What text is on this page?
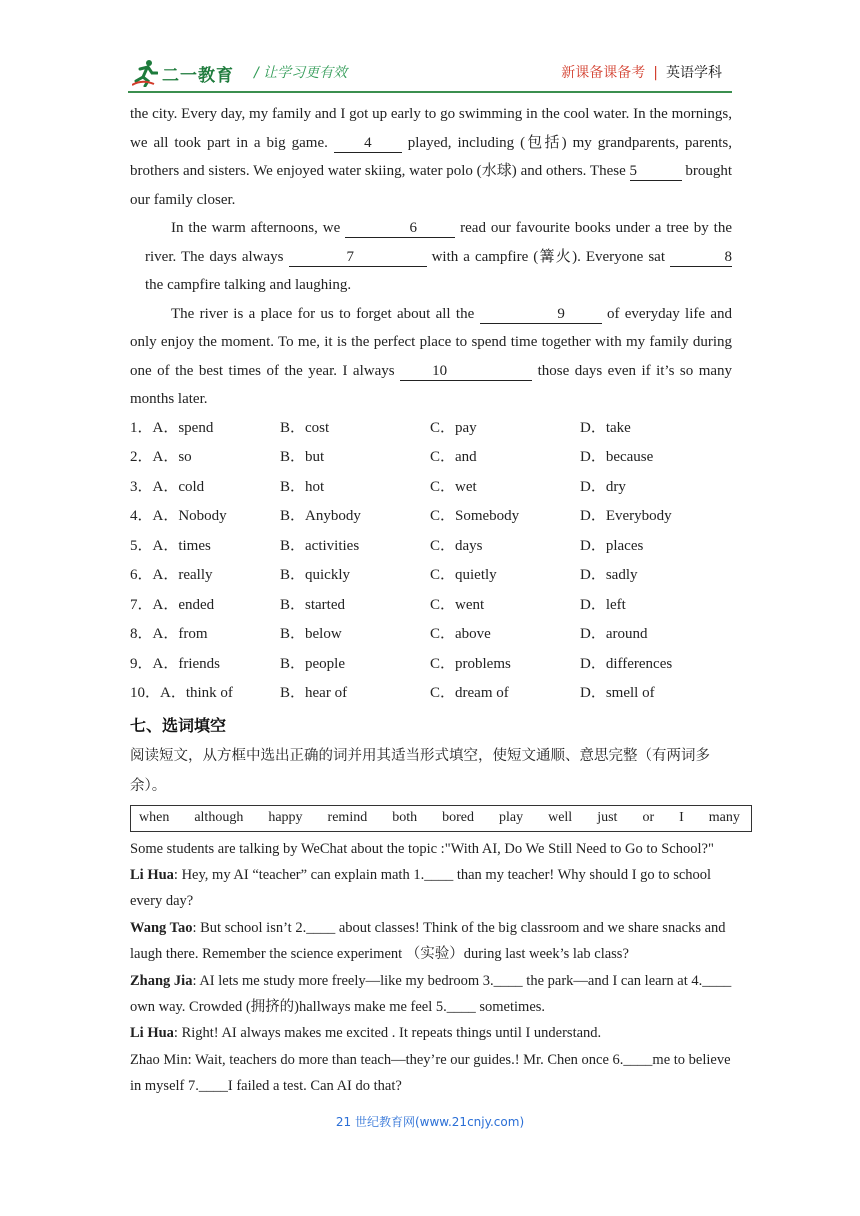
二一教育 / 让学习更有效	新课备课备考 | 英语学科

the city. Every day, my family and I got up early to go swimming in the cool water. In the mornings, we all took part in a big game. 4 played, including (包括) my grandparents, parents, brothers and sisters. We enjoyed water skiing, water polo (水球) and others. These 5	brought our family closer.

In the warm afternoons, we	6	read our favourite books under a tree by the river. The days always	7	with a campfire (篝火). Everyone sat	8 the campfire talking and laughing.

The river is a place for us to forget about all the	9	of everyday life and only enjoy the moment. To me, it is the perfect place to spend time together with my family during one of the best times of the year. I always 10	those days even if it’s so many months later.

1．A．spend	B．cost	C．pay	D．take
2．A．so	B．but	C．and	D．because
3．A．cold	B．hot	C．wet	D．dry
4．A．Nobody	B．Anybody	C．Somebody	D．Everybody
5．A．times	B．activities	C．days	D．places
6．A．really	B．quickly	C．quietly	D．sadly
7．A．ended	B．started	C．went	D．left
8．A．from	B．below	C．above	D．around
9．A．friends	B．people	C．problems	D．differences
10．A．think of	B．hear of	C．dream of	D．smell of
七、选词填空

阅读短文，从方框中选出正确的词并用其适当形式填空，使短文通顺、意思完整（有两词多余）。

when although happy remind both bored play well just or I many

Some students are talking by WeChat about the topic :"With AI, Do We Still Need to Go to School?"

Li Hua: Hey, my AI “teacher” can explain math 1.____ than my teacher! Why should I go to school every day?

Wang Tao: But school isn’t 2.____ about classes! Think of the big classroom and we share snacks and laugh there. Remember the science experiment （实验）during last week’s lab class?

Zhang Jia: AI lets me study more freely—like my bedroom 3.____ the park—and I can learn at 4.____ own way. Crowded (拥挤的)hallways make me feel 5.____ sometimes.

Li Hua: Right! AI always makes me excited . It repeats things until I understand.

Zhao Min: Wait, teachers do more than teach—they’re our guides.! Mr. Chen once 6.____me to believe in myself 7.____I failed a test. Can AI do that?

21 世纪教育网(www.21cnjy.com)
